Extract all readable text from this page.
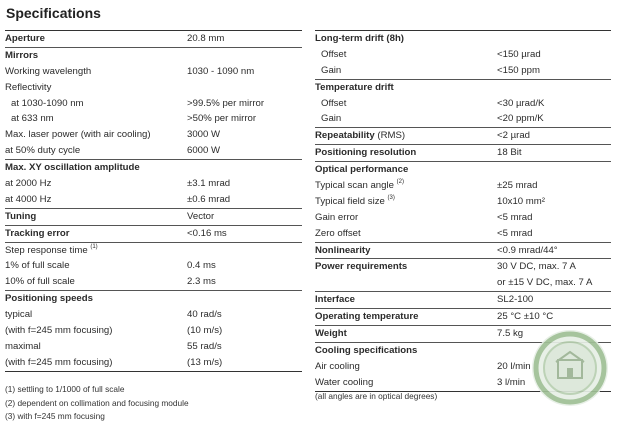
Specifications
Aperture	20.8 mm
Mirrors
Working wavelength	1030 - 1090 nm
Reflectivity
at 1030-1090 nm	>99.5% per mirror
at 633 nm	>50% per mirror
Max. laser power (with air cooling)	3000 W
at 50% duty cycle	6000 W
Max. XY oscillation amplitude
at 2000 Hz	±3.1 mrad
at 4000 Hz	±0.6 mrad
Tuning	Vector
Tracking error	<0.16 ms
Step response time $^{(1)}$
1% of full scale	0.4 ms
10% of full scale	2.3 ms
Positioning speeds
typical	40 rad/s
(with f=245 mm focusing)	(10 m/s)
maximal	55 rad/s
(with f=245 mm focusing)	(13 m/s)
Long-term drift (8h)
Offset	<150 µrad
Gain	<150 ppm
Temperature drift
Offset	<30 µrad/K
Gain	<20 ppm/K
Repeatability (RMS)	<2 µrad
Positioning resolution	18 Bit
Optical performance
Typical scan angle $^{(2)}$	±25 mrad
Typical field size $^{(3)}$	10x10 mm²
Gain error	<5 mrad
Zero offset	<5 mrad
Nonlinearity	<0.9 mrad/44°
Power requirements	30 V DC, max. 7 A
or ±15 V DC, max. 7 A
Interface	SL2-100
Operating temperature	25 °C ±10 °C
Weight	7.5 kg
Cooling specifications
Air cooling	20 l/min
Water cooling	3 l/min
(1) settling to 1/1000 of full scale
(2) dependent on collimation and focusing module
(3) with f=245 mm focusing
(all angles are in optical degrees)
